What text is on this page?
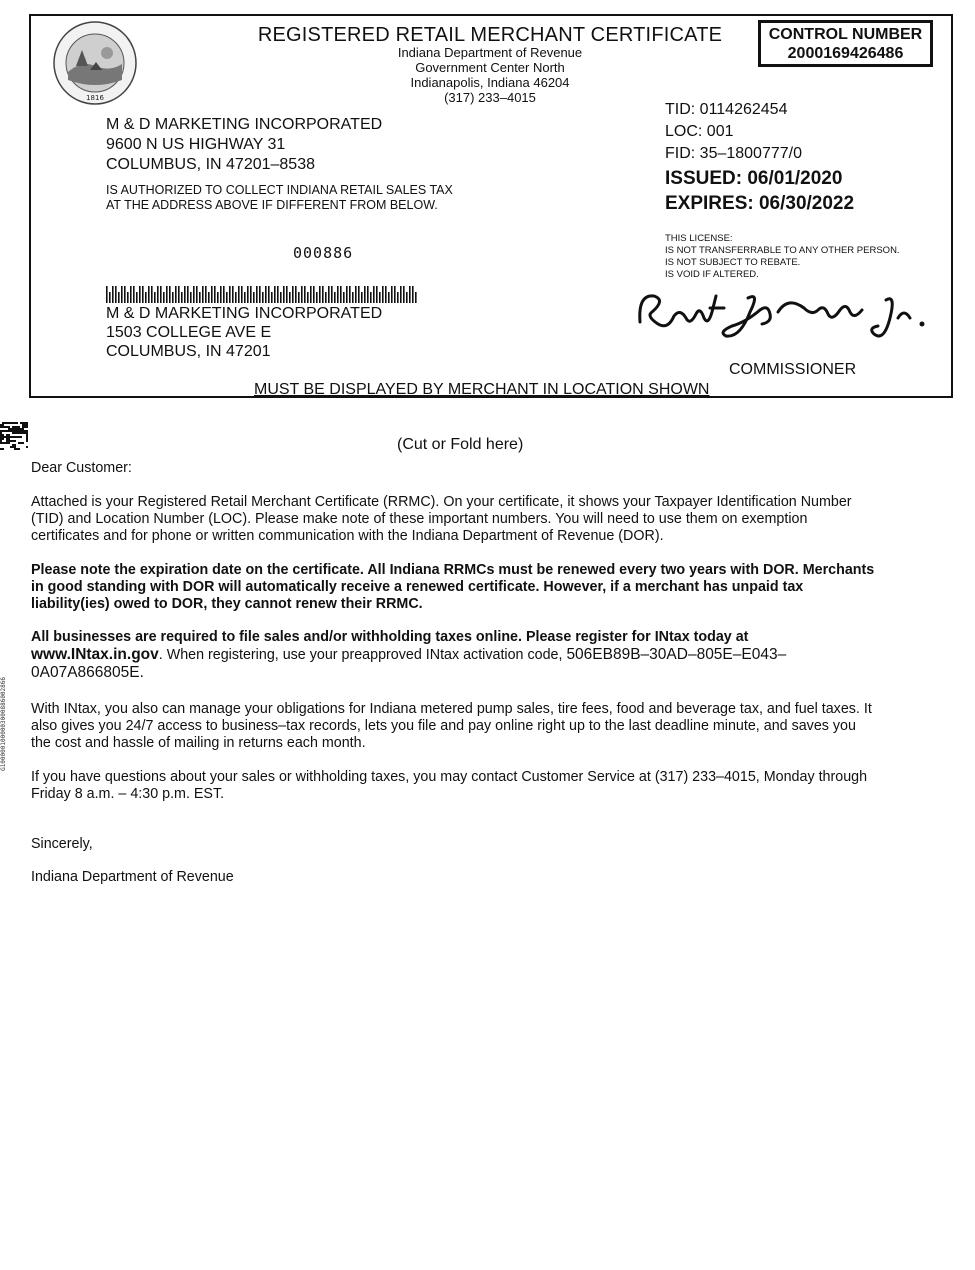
1816
REGISTERED RETAIL MERCHANT CERTIFICATE
Indiana Department of Revenue
Government Center North
Indianapolis, Indiana 46204
(317) 233–4015
CONTROL NUMBER
2000169426486
M & D MARKETING INCORPORATED
9600 N US HIGHWAY 31
COLUMBUS, IN 47201–8538
IS AUTHORIZED TO COLLECT INDIANA RETAIL SALES TAX
AT THE ADDRESS ABOVE IF DIFFERENT FROM BELOW.
000886
M & D MARKETING INCORPORATED
1503 COLLEGE AVE E
COLUMBUS, IN 47201
TID: 0114262454
LOC: 001
FID: 35–1800777/0
ISSUED: 06/01/2020
EXPIRES: 06/30/2022
THIS LICENSE:
IS NOT TRANSFERRABLE TO ANY OTHER PERSON.
IS NOT SUBJECT TO REBATE.
IS VOID IF ALTERED.
COMMISSIONER
MUST BE DISPLAYED BY MERCHANT IN LOCATION SHOWN
(Cut or Fold here)
G1000001000003000886002866
Dear Customer:
Attached is your Registered Retail Merchant Certificate (RRMC). On your certificate, it shows your Taxpayer Identification Number (TID) and Location Number (LOC). Please make note of these important numbers. You will need to use them on exemption certificates and for phone or written communication with the Indiana Department of Revenue (DOR).
Please note the expiration date on the certificate. All Indiana RRMCs must be renewed every two years with DOR. Merchants in good standing with DOR will automatically receive a renewed certificate. However, if a merchant has unpaid tax liability(ies) owed to DOR, they cannot renew their RRMC.
All businesses are required to file sales and/or withholding taxes online. Please register for INtax today at www.INtax.in.gov. When registering, use your preapproved INtax activation code, 506EB89B–30AD–805E–E043–0A07A866805E.
With INtax, you also can manage your obligations for Indiana metered pump sales, tire fees, food and beverage tax, and fuel taxes. It also gives you 24/7 access to business–tax records, lets you file and pay online right up to the last deadline minute, and saves you the cost and hassle of mailing in returns each month.
If you have questions about your sales or withholding taxes, you may contact Customer Service at (317) 233–4015, Monday through Friday 8 a.m. – 4:30 p.m. EST.
Sincerely,
Indiana Department of Revenue
